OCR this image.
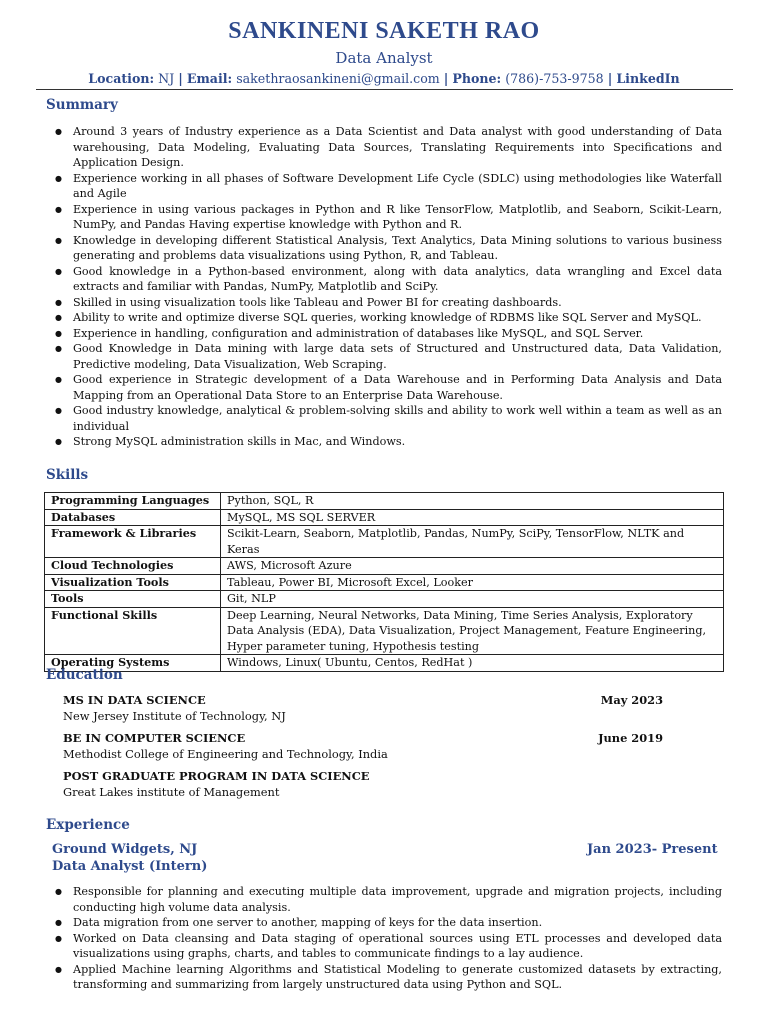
SANKINENI SAKETH RAO
Data Analyst
Location: NJ | Email: sakethraosankineni@gmail.com | Phone: (786)-753-9758 | LinkedIn
Summary
● Around 3 years of Industry experience as a Data Scientist and Data analyst with good understanding of Data warehousing, Data Modeling, Evaluating Data Sources, Translating Requirements into Specifications and Application Design.
● Experience working in all phases of Software Development Life Cycle (SDLC) using methodologies like Waterfall and Agile
● Experience in using various packages in Python and R like TensorFlow, Matplotlib, and Seaborn, Scikit-Learn, NumPy, and Pandas Having expertise knowledge with Python and R.
● Knowledge in developing different Statistical Analysis, Text Analytics, Data Mining solutions to various business generating and problems data visualizations using Python, R, and Tableau.
● Good knowledge in a Python-based environment, along with data analytics, data wrangling and Excel data extracts and familiar with Pandas, NumPy, Matplotlib and SciPy.
● Skilled in using visualization tools like Tableau and Power BI for creating dashboards.
● Ability to write and optimize diverse SQL queries, working knowledge of RDBMS like SQL Server and MySQL.
● Experience in handling, configuration and administration of databases like MySQL, and SQL Server.
● Good Knowledge in Data mining with large data sets of Structured and Unstructured data, Data Validation, Predictive modeling, Data Visualization, Web Scraping.
● Good experience in Strategic development of a Data Warehouse and in Performing Data Analysis and Data Mapping from an Operational Data Store to an Enterprise Data Warehouse.
● Good industry knowledge, analytical & problem-solving skills and ability to work well within a team as well as an individual
● Strong MySQL administration skills in Mac, and Windows.
Skills
Programming Languages	Python, SQL, R
Databases	MySQL, MS SQL SERVER
Framework & Libraries	Scikit-Learn, Seaborn, Matplotlib, Pandas, NumPy, SciPy, TensorFlow, NLTK and Keras
Cloud Technologies	AWS, Microsoft Azure
Visualization Tools	Tableau, Power BI, Microsoft Excel, Looker
Tools	Git, NLP
Functional Skills	Deep Learning, Neural Networks, Data Mining, Time Series Analysis, Exploratory Data Analysis (EDA), Data Visualization, Project Management, Feature Engineering, Hyper parameter tuning, Hypothesis testing
Operating Systems	Windows, Linux( Ubuntu, Centos, RedHat )
Education
MS IN DATA SCIENCE
New Jersey Institute of Technology, NJ
May 2023
BE IN COMPUTER SCIENCE
Methodist College of Engineering and Technology, India
June 2019
POST GRADUATE PROGRAM IN DATA SCIENCE
Great Lakes institute of Management
Experience
Ground Widgets, NJ
Data Analyst (Intern)
Jan 2023- Present
● Responsible for planning and executing multiple data improvement, upgrade and migration projects, including conducting high volume data analysis.
● Data migration from one server to another, mapping of keys for the data insertion.
● Worked on Data cleansing and Data staging of operational sources using ETL processes and developed data visualizations using graphs, charts, and tables to communicate findings to a lay audience.
● Applied Machine learning Algorithms and Statistical Modeling to generate customized datasets by extracting, transforming and summarizing from largely unstructured data using Python and SQL.
